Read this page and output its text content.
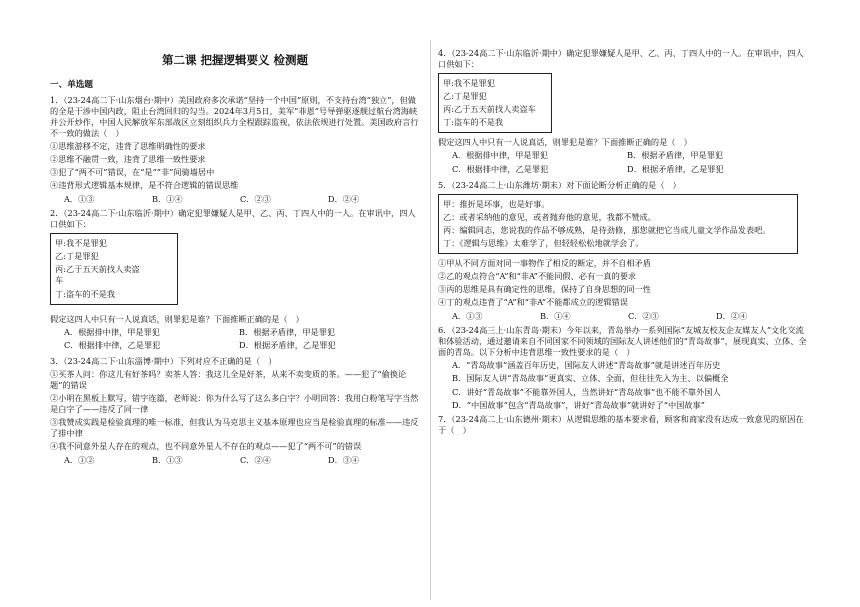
第二课 把握逻辑要义 检测题

一、单选题

1．（23-24高二下·山东烟台·期中）美国政府多次承诺“坚持一个中国”原则，不支持台湾“独立”，但做的全是干涉中国内政，阻止台湾回归的勾当。2024年3月5日，美军“菲恩”号导弹驱逐舰过航台湾海峡并公开炒作，中国人民解放军东部战区立刻组织兵力全程跟踪监视，依法依规进行处置。美国政府言行不一致的做法（　）

①思维游移不定，违背了思维明确性的要求

②思维不融贯一致，违背了思维一致性要求

③犯了“两不可”错误，在“是”“非”间骑墙居中

④违背形式逻辑基本规律，是不符合逻辑的错误思维

A．①③	B．①④	C．②③	D．②④

2．（23-24高二下·山东临沂·期中）确定犯罪嫌疑人是甲、乙、丙、丁四人中的一人。在审讯中，四人口供如下：

甲:我不是罪犯

乙:丁是罪犯

丙:乙于五天前找人卖盗

车

丁:盗车的不是我

假定这四人中只有一人说真话，则罪犯是谁？下面推断正确的是（　）

A．根据排中律，甲是罪犯	B．根据矛盾律，甲是罪犯
C．根据排中律，乙是罪犯	D．根据矛盾律，乙是罪犯

3．（23-24高二下·山东淄博·期中）下列对应不正确的是（　）

①买茶人问：你这儿有好茶吗？卖茶人答：我这儿全是好茶，从来不卖变质的茶。——犯了“偷换论题”的错误

②小明在黑板上默写，错字连篇，老师说：你为什么写了这么多白字？小明回答：我用白粉笔写字当然是白字了——违反了同一律

③我赞成实践是检验真理的唯一标准，但我认为马克思主义基本原理也应当是检验真理的标准——违反了排中律

④我不同意外星人存在的观点，也不同意外星人不存在的观点——犯了“两不可”的错误

A．①②	B．①③	C．②④	D．③④

4．（23-24高二下·山东临沂·期中）确定犯罪嫌疑人是甲、乙、丙、丁四人中的一人。在审讯中，四人口供如下：

甲:我不是罪犯

乙:丁是罪犯

丙:乙于五天前找人卖盗车

丁:盗车的不是我

假定这四人中只有一人说真话，则罪犯是谁？下面推断正确的是（　）

A．根据排中律，甲是罪犯	B．根据矛盾律，甲是罪犯
C．根据排中律，乙是罪犯	D．根据矛盾律，乙是罪犯

5．（23-24高二上·山东潍坊·期末）对下面论断分析正确的是（　）

甲：推折是坏事，也是好事。

乙：或者采纳他的意见，或者抛弃他的意见，我都不赞成。

丙：编辑同志，您说我的作品不够成熟，是待劲修，那您就把它当成儿童文学作品发表吧。

丁：《逻辑与思维》太难学了，但轻轻松松地就学会了。

①甲从不同方面对同一事物作了相反的断定，并不自相矛盾

②乙的观点符合“A”和“非A”不能同假、必有一真的要求

③丙的思维是具有确定性的思维，保持了自身思想的同一性

④丁的观点违背了“A”和“非A”不能都成立的逻辑错误

A．①③	B．①④	C．②③	D．②④

6．（23-24高三上·山东青岛·期末）今年以来，青岛举办一系列国际“友城友校友企友媒友人”文化交流和体验活动，通过邀请来自不同国家不同领域的国际友人讲述他们的“青岛故事”，展现真实、立体、全面的青岛。以下分析中违背思维一致性要求的是（　）

A．“青岛故事”涵盖百年历史，国际友人讲述“青岛故事”就是讲述百年历史

B．国际友人讲“青岛故事”更真实、立体、全面，但往往先入为主、以偏概全

C．讲好“青岛故事”不能靠外国人，当然讲好“青岛故事”也不能不靠外国人

D．“中国故事”包含“青岛故事”，讲好“青岛故事”就讲好了“中国故事”

7．（23-24高二上·山东德州·期末）从逻辑思维的基本要求看，顾客和商家没有达成一致意见的原因在于（　）
